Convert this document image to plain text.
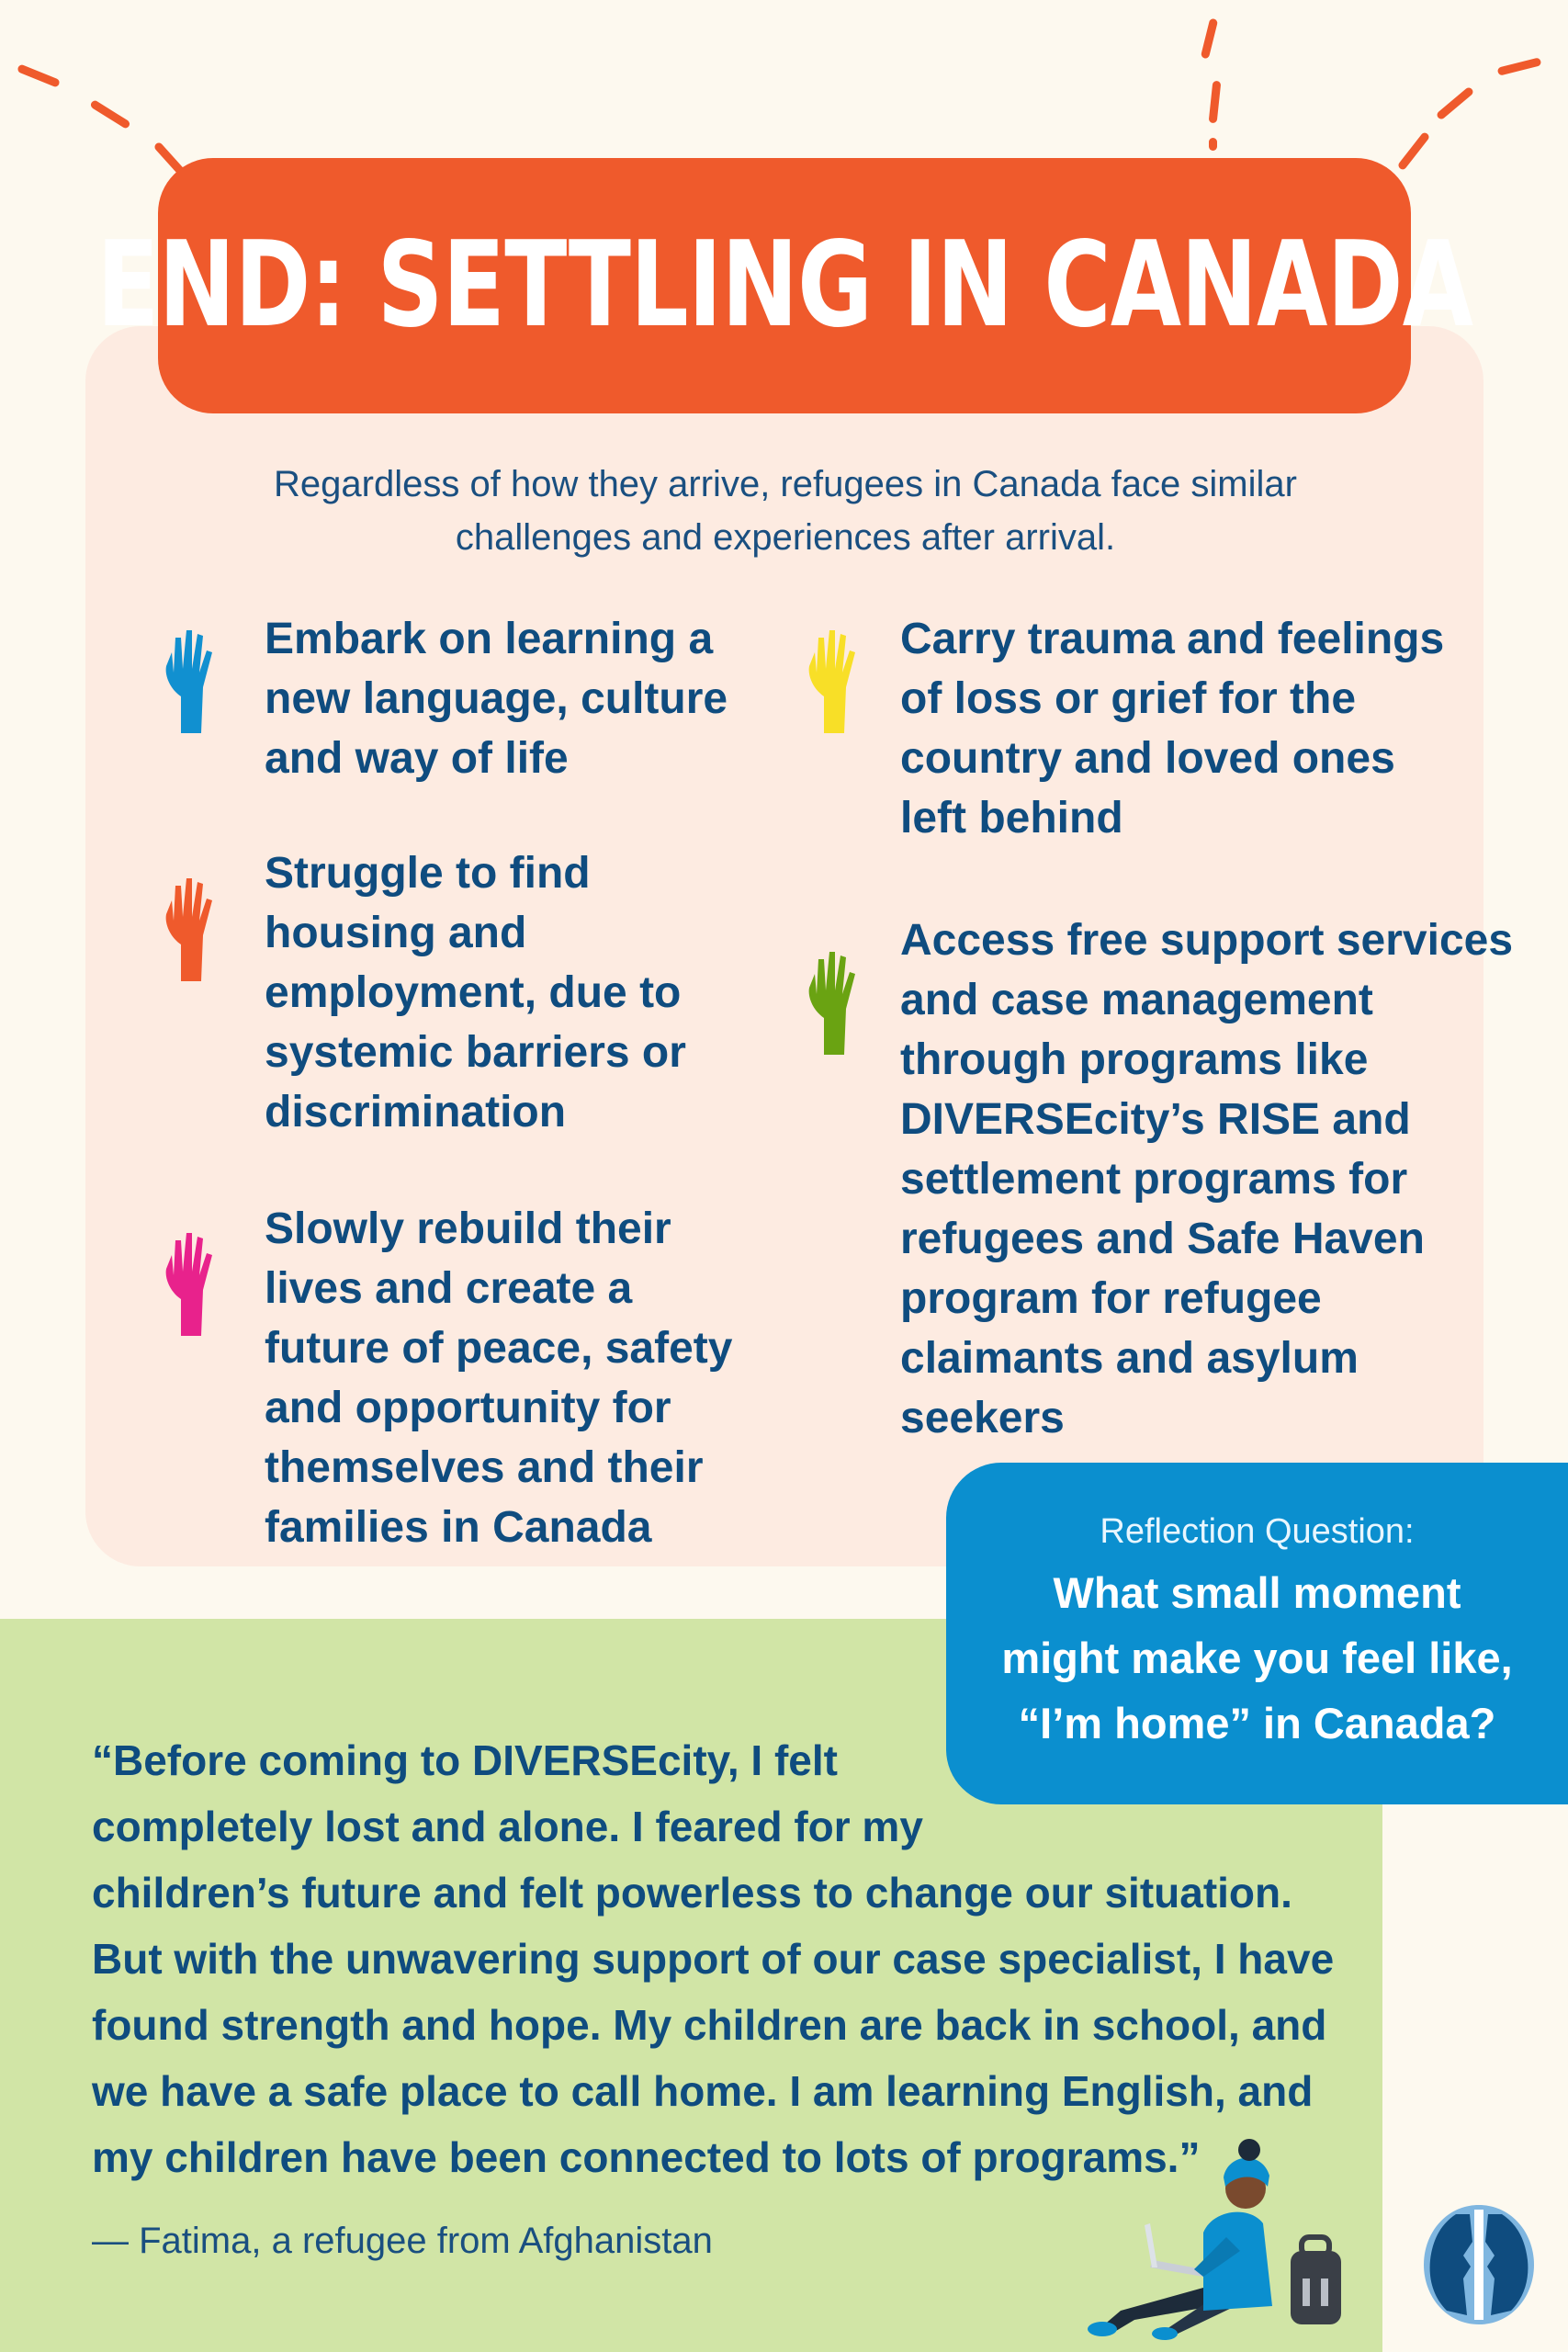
END: SETTLING IN CANADA
Regardless of how they arrive, refugees in Canada face similar challenges and experiences after arrival.
Embark on learning a
new language, culture
and way of life
Struggle to find
housing and
employment, due to
systemic barriers or
discrimination
Slowly rebuild their
lives and create a
future of peace, safety
and opportunity for
themselves and their
families in Canada
Carry trauma and feelings
of loss or grief for the
country and loved ones
left behind
Access free support services
and case management
through programs like
DIVERSEcity’s RISE and
settlement programs for
refugees and Safe Haven
program for refugee
claimants and asylum
seekers
Reflection Question:
What small moment
might make you feel like,
“I’m home” in Canada?
“Before coming to DIVERSEcity, I felt
completely lost and alone. I feared for my
children’s future and felt powerless to change our situation.
But with the unwavering support of our case specialist, I have
found strength and hope. My children are back in school, and
we have a safe place to call home. I am learning English, and
my children have been connected to lots of programs.”
— Fatima, a refugee from Afghanistan
